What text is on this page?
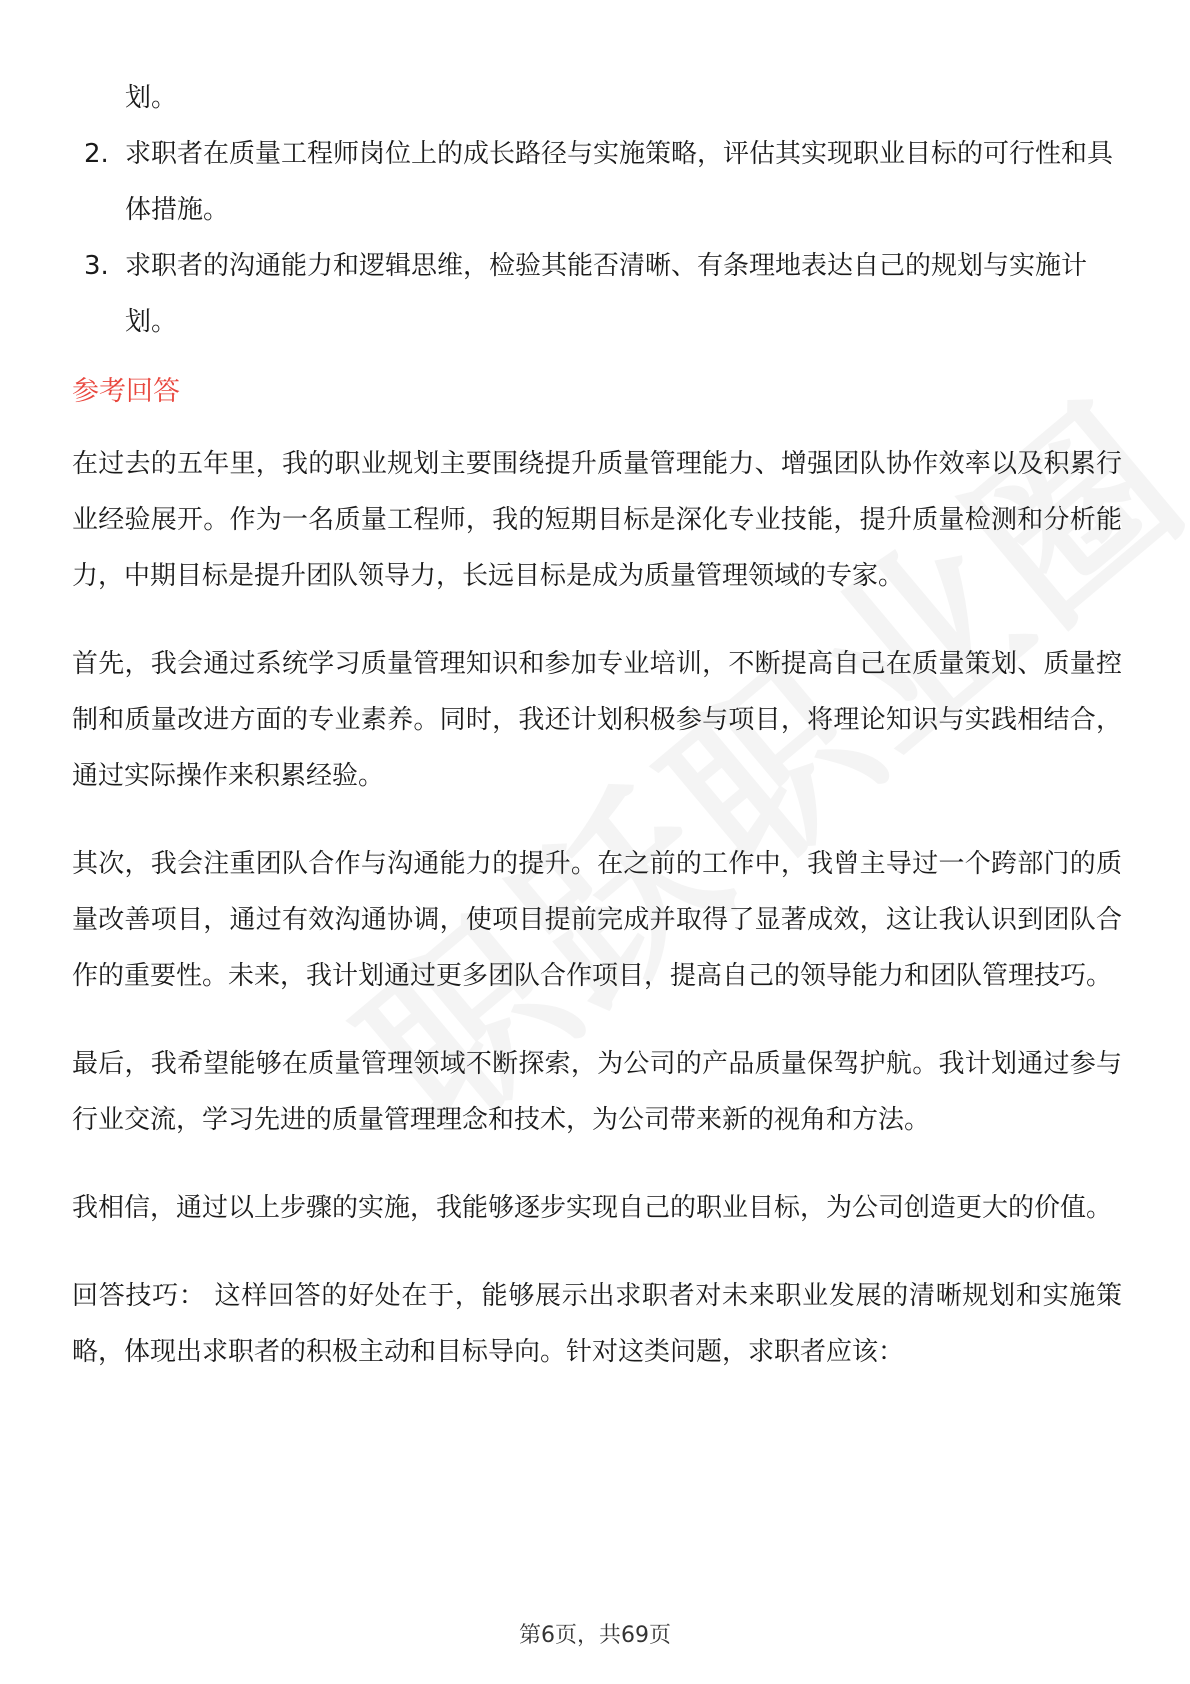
划。

2. 求职者在质量工程师岗位上的成长路径与实施策略，评估其实现职业目标的可行性和具体措施。
3. 求职者的沟通能力和逻辑思维，检验其能否清晰、有条理地表达自己的规划与实施计划。
参考回答

在过去的五年里，我的职业规划主要围绕提升质量管理能力、增强团队协作效率以及积累行业经验展开。作为一名质量工程师，我的短期目标是深化专业技能，提升质量检测和分析能力，中期目标是提升团队领导力，长远目标是成为质量管理领域的专家。

首先，我会通过系统学习质量管理知识和参加专业培训，不断提高自己在质量策划、质量控制和质量改进方面的专业素养。同时，我还计划积极参与项目，将理论知识与实践相结合，通过实际操作来积累经验。

其次，我会注重团队合作与沟通能力的提升。在之前的工作中，我曾主导过一个跨部门的质量改善项目，通过有效沟通协调，使项目提前完成并取得了显著成效，这让我认识到团队合作的重要性。未来，我计划通过更多团队合作项目，提高自己的领导能力和团队管理技巧。

最后，我希望能够在质量管理领域不断探索，为公司的产品质量保驾护航。我计划通过参与行业交流，学习先进的质量管理理念和技术，为公司带来新的视角和方法。

我相信，通过以上步骤的实施，我能够逐步实现自己的职业目标，为公司创造更大的价值。

回答技巧： 这样回答的好处在于，能够展示出求职者对未来职业发展的清晰规划和实施策略，体现出求职者的积极主动和目标导向。针对这类问题，求职者应该：

第6页，共69页
